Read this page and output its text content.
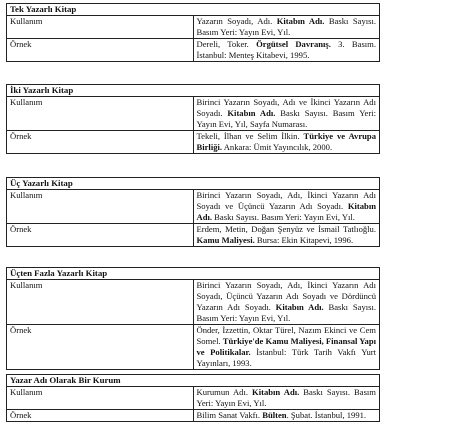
Tek Yazarlı Kitap	
Kullanım	Yazarın Soyadı, Adı. Kitabın Adı. Baskı Sayısı. Basım Yeri: Yayın Evi, Yıl.
Örnek	Dereli, Toker. Örgütsel Davranış. 3. Basım. İstanbul: Menteş Kitabevi, 1995.
İki Yazarlı Kitap	
Kullanım	Birinci Yazarın Soyadı, Adı ve İkinci Yazarın Adı Soyadı. Kitabın Adı. Baskı Sayısı. Basım Yeri: Yayın Evi, Yıl, Sayfa Numarası.
Örnek	Tekeli, İlhan ve Selim İlkin. Türkiye ve Avrupa Birliği. Ankara: Ümit Yayıncılık, 2000.
Üç Yazarlı Kitap	
Kullanım	Birinci Yazarın Soyadı, Adı, İkinci Yazarın Adı Soyadı ve Üçüncü Yazarın Adı Soyadı. Kitabın Adı. Baskı Sayısı. Basım Yeri: Yayın Evi, Yıl.
Örnek	Erdem, Metin, Doğan Şenyüz ve İsmail Tatlıoğlu. Kamu Maliyesi. Bursa: Ekin Kitapevi, 1996.
Üçten Fazla Yazarlı Kitap	
Kullanım	Birinci Yazarın Soyadı, Adı, İkinci Yazarın Adı Soyadı, Üçüncü Yazarın Adı Soyadı ve Dördüncü Yazarın Adı Soyadı. Kitabın Adı. Baskı Sayısı. Basım Yeri: Yayın Evi, Yıl.
Örnek	Önder, İzzettin, Oktar Türel, Nazım Ekinci ve Cem Somel. Türkiye'de Kamu Maliyesi, Finansal Yapı ve Politikalar. İstanbul: Türk Tarih Vakfı Yurt Yayınları, 1993.
Yazar Adı Olarak Bir Kurum	
Kullanım	Kurumun Adı. Kitabın Adı. Baskı Sayısı. Basım Yeri: Yayın Evi, Yıl.
Örnek	Bilim Sanat Vakfı. Bülten. Şubat. İstanbul, 1991.
